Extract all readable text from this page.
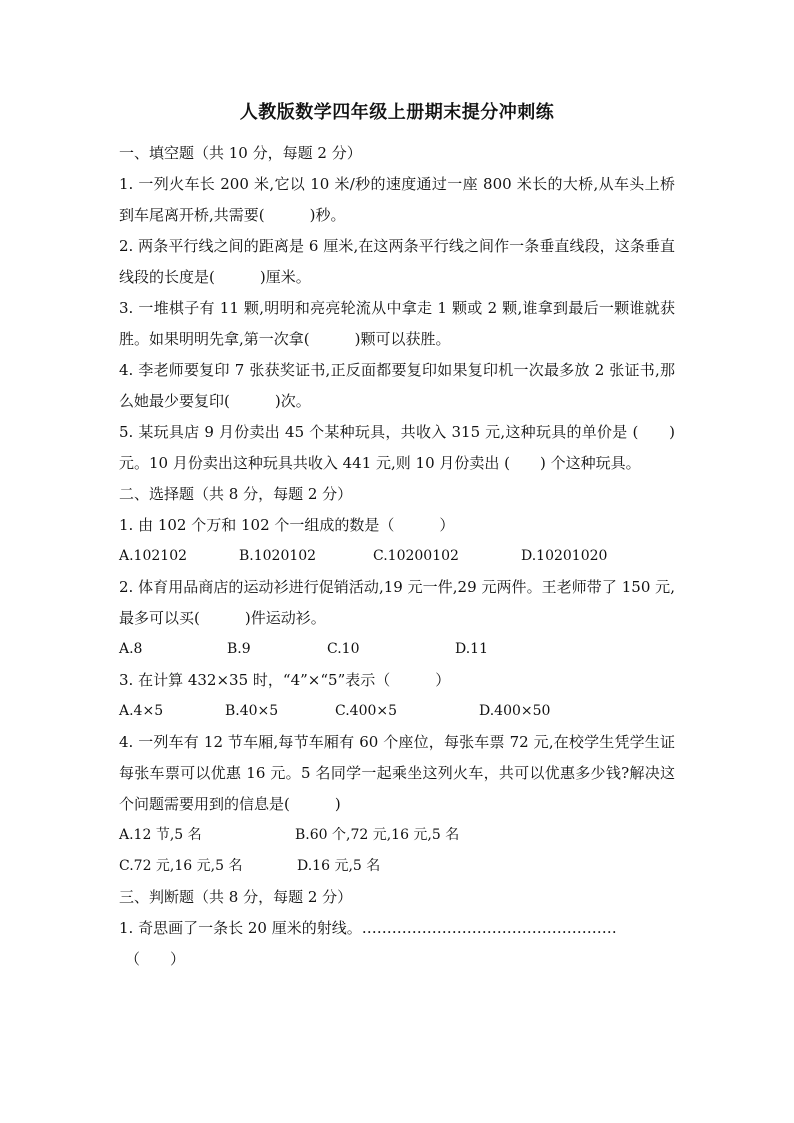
人教版数学四年级上册期末提分冲刺练
一、填空题（共 10 分，每题 2 分）
1. 一列火车长 200 米,它以 10 米/秒的速度通过一座 800 米长的大桥,从车头上桥到车尾离开桥,共需要(　　　)秒。
2. 两条平行线之间的距离是 6 厘米,在这两条平行线之间作一条垂直线段，这条垂直线段的长度是(　　　)厘米。
3. 一堆棋子有 11 颗,明明和亮亮轮流从中拿走 1 颗或 2 颗,谁拿到最后一颗谁就获胜。如果明明先拿,第一次拿(　　　)颗可以获胜。
4. 李老师要复印 7 张获奖证书,正反面都要复印如果复印机一次最多放 2 张证书,那么她最少要复印(　　　)次。
5. 某玩具店 9 月份卖出 45 个某种玩具，共收入 315 元,这种玩具的单价是 (　　) 元。10 月份卖出这种玩具共收入 441 元,则 10 月份卖出 (　　) 个这种玩具。
二、选择题（共 8 分，每题 2 分）
1. 由 102 个万和 102 个一组成的数是（　　　）
A.102102	B.1020102	C.10200102	D.10201020
2. 体育用品商店的运动衫进行促销活动,19 元一件,29 元两件。王老师带了 150 元,最多可以买(　　　)件运动衫。
A.8	B.9	C.10	D.11
3. 在计算 432×35 时，“4”×“5”表示（　　　）
A.4×5	B.40×5	C.400×5	D.400×50
4. 一列车有 12 节车厢,每节车厢有 60 个座位，每张车票 72 元,在校学生凭学生证每张车票可以优惠 16 元。5 名同学一起乘坐这列火车，共可以优惠多少钱?解决这个问题需要用到的信息是(　　　)
A.12 节,5 名	B.60 个,72 元,16 元,5 名
C.72 元,16 元,5 名	D.16 元,5 名
三、判断题（共 8 分，每题 2 分）
1. 奇思画了一条长 20 厘米的射线。……………………………………………
（　　）
